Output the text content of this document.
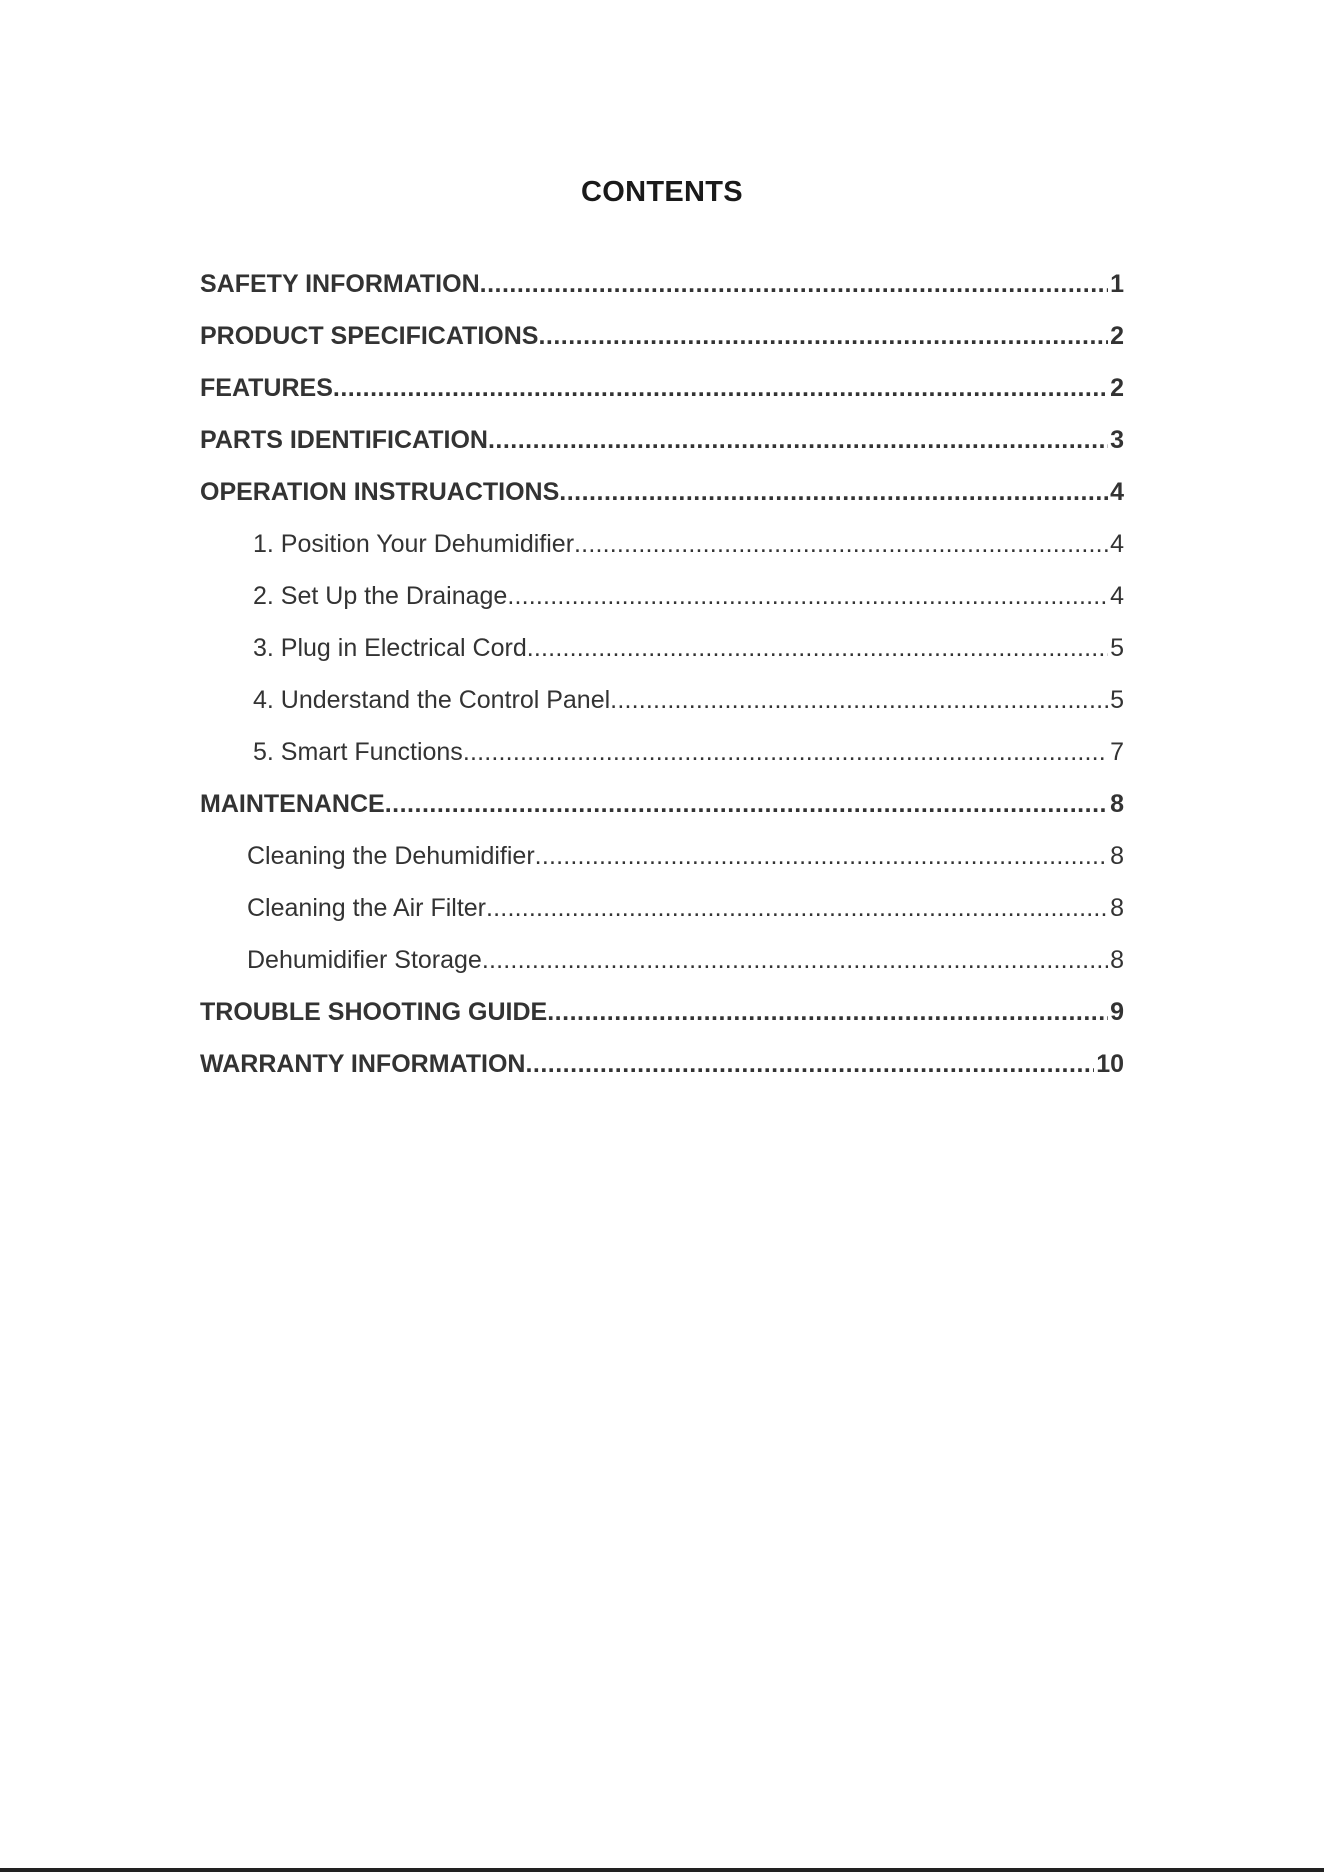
CONTENTS
SAFETY INFORMATION .....	1
PRODUCT SPECIFICATIONS .....	2
FEATURES .....	2
PARTS IDENTIFICATION .....	3
OPERATION INSTRUACTIONS .....	4
1. Position Your Dehumidifier .....	4
2. Set Up the Drainage .....	4
3. Plug in Electrical Cord .....	5
4. Understand the Control Panel .....	5
5. Smart Functions .....	7
MAINTENANCE .....	8
Cleaning the Dehumidifier .....	8
Cleaning the Air Filter .....	8
Dehumidifier Storage .....	8
TROUBLE SHOOTING GUIDE .....	9
WARRANTY INFORMATION .....	10
